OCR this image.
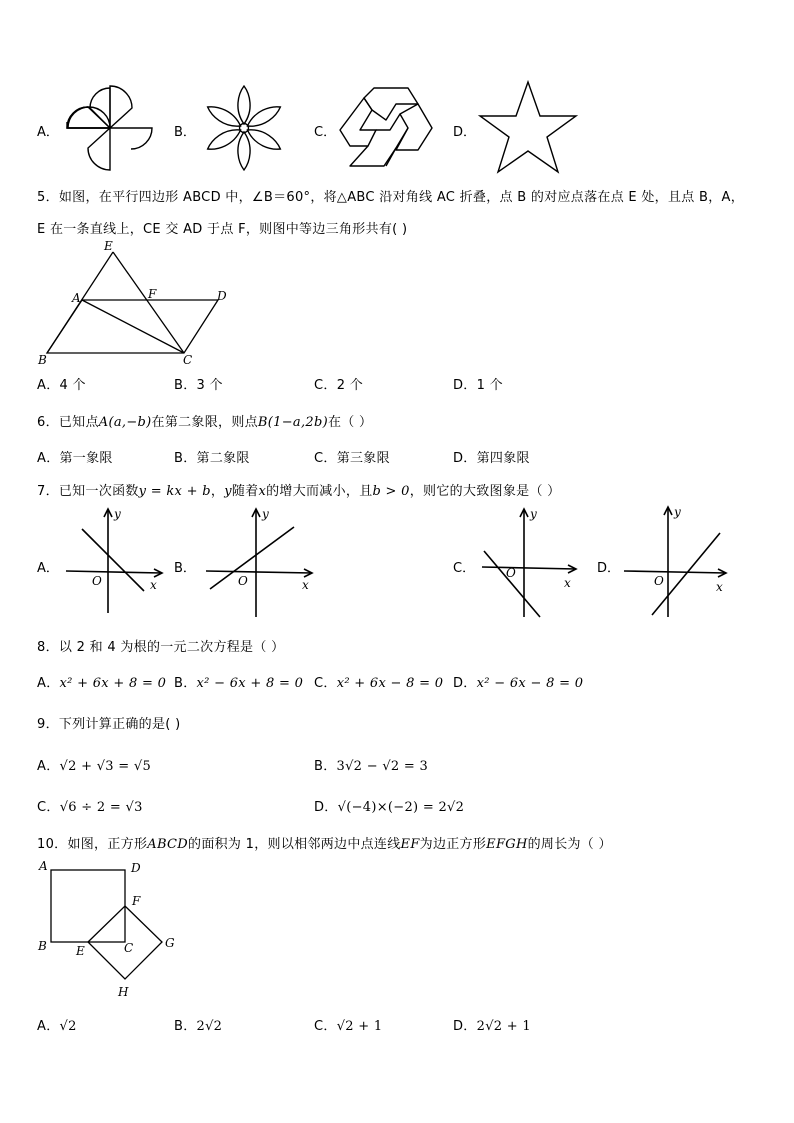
A．	B．	C．	D．
5．如图，在平行四边形 ABCD 中，∠B＝60°，将△ABC 沿对角线 AC 折叠，点 B 的对应点落在点 E 处，且点 B，A，
E 在一条直线上，CE 交 AD 于点 F，则图中等边三角形共有( )
E
A	F	D
B	C
A．4 个	B．3 个	C．2 个	D．1 个
6．已知点A(a,−b)在第二象限，则点B(1−a,2b)在（ ）
A．第一象限	B．第二象限	C．第三象限	D．第四象限
7．已知一次函数y = kx + b，y随着x的增大而减小，且b > 0，则它的大致图象是（ ）
A．
y
O	x
B．
y
O	x
C．
y
O
x
D．
y
O	x
8．以 2 和 4 为根的一元二次方程是（ ）
A．x² + 6x + 8 = 0 B．x² − 6x + 8 = 0 C．x² + 6x − 8 = 0 D．x² − 6x − 8 = 0
9．下列计算正确的是( )
A．√2 + √3 = √5	B．3√2 − √2 = 3
C．√6 ÷ 2 = √3	D．√(−4)×(−2) = 2√2
10．如图，正方形ABCD的面积为 1，则以相邻两边中点连线EF为边正方形EFGH的周长为（ ）
A	D
F
B E	C	G
H
A．√2	B．2√2	C．√2 + 1	D．2√2 + 1
